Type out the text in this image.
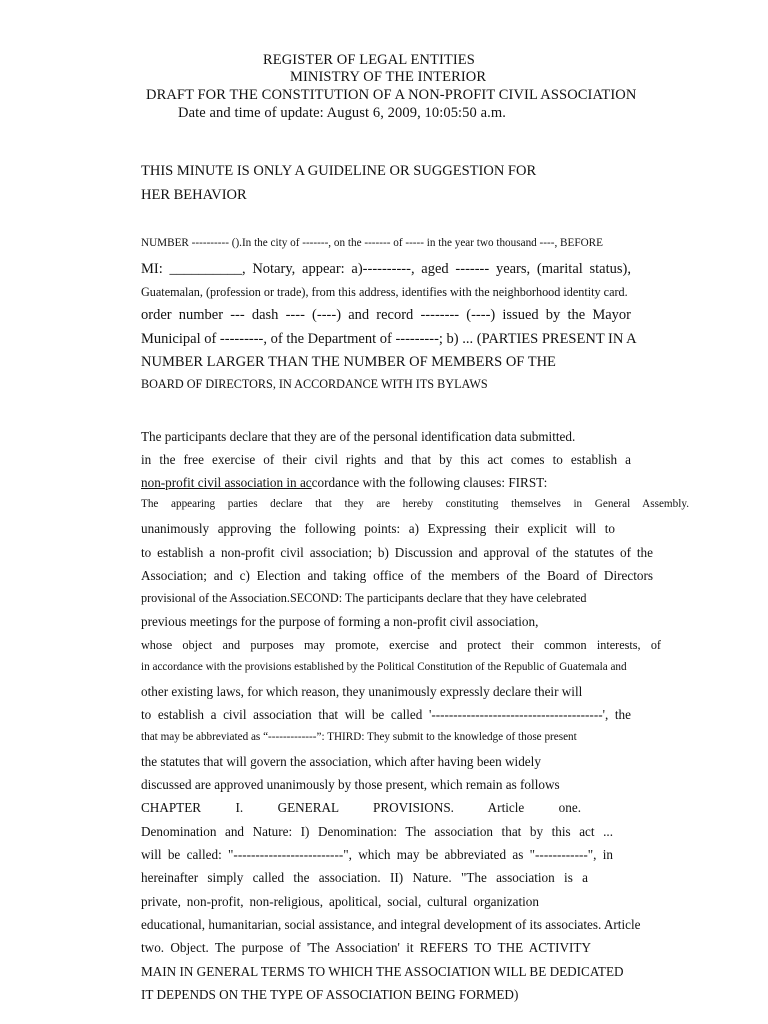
REGISTER OF LEGAL ENTITIES
MINISTRY OF THE INTERIOR
DRAFT FOR THE CONSTITUTION OF A NON-PROFIT CIVIL ASSOCIATION
Date and time of update: August 6, 2009, 10:05:50 a.m.
THIS MINUTE IS ONLY A GUIDELINE OR SUGGESTION FOR
HER BEHAVIOR
NUMBER ---------- ().In the city of -------, on the ------- of ----- in the year two thousand ----, BEFORE
MI: __________, Notary, appear: a)----------, aged ------- years, (marital status),
Guatemalan, (profession or trade), from this address, identifies with the neighborhood identity card.
order number --- dash ---- (----) and record -------- (----) issued by the Mayor
Municipal of ---------, of the Department of ---------; b) ... (PARTIES PRESENT IN A
NUMBER LARGER THAN THE NUMBER OF MEMBERS OF THE
BOARD OF DIRECTORS, IN ACCORDANCE WITH ITS BYLAWS
The participants declare that they are of the personal identification data submitted.
in the free exercise of their civil rights and that by this act comes to establish a
non-profit civil association in ac cordance with the following clauses: FIRST:
The appearing parties declare that they are hereby constituting themselves in General Assembly.
unanimously approving the following points: a) Expressing their explicit will to
to establish a non-profit civil association; b) Discussion and approval of the statutes of the
Association; and c) Election and taking office of the members of the Board of Directors
provisional of the Association.SECOND: The participants declare that they have celebrated
previous meetings for the purpose of forming a non-profit civil association,
whose object and purposes may promote, exercise and protect their common interests, of
in accordance with the provisions established by the Political Constitution of the Republic of Guatemala and
other existing laws, for which reason, they unanimously expressly declare their will
to establish a civil association that will be called '---------------------------------------', the
that may be abbreviated as “-------------”: THIRD: They submit to the knowledge of those present
the statutes that will govern the association, which after having been widely
discussed are approved unanimously by those present, which remain as follows
CHAPTER I. GENERAL PROVISIONS. Article one.
Denomination and Nature: I) Denomination: The association that by this act ...
will be called: "-------------------------", which may be abbreviated as "------------", in
hereinafter simply called the association. II) Nature. "The association is a
private, non-profit, non-religious, apolitical, social, cultural organization
educational, humanitarian, social assistance, and integral development of its associates. Article
two. Object. The purpose of 'The Association' it REFERS TO THE ACTIVITY
MAIN IN GENERAL TERMS TO WHICH THE ASSOCIATION WILL BE DEDICATED
IT DEPENDS ON THE TYPE OF ASSOCIATION BEING FORMED)
